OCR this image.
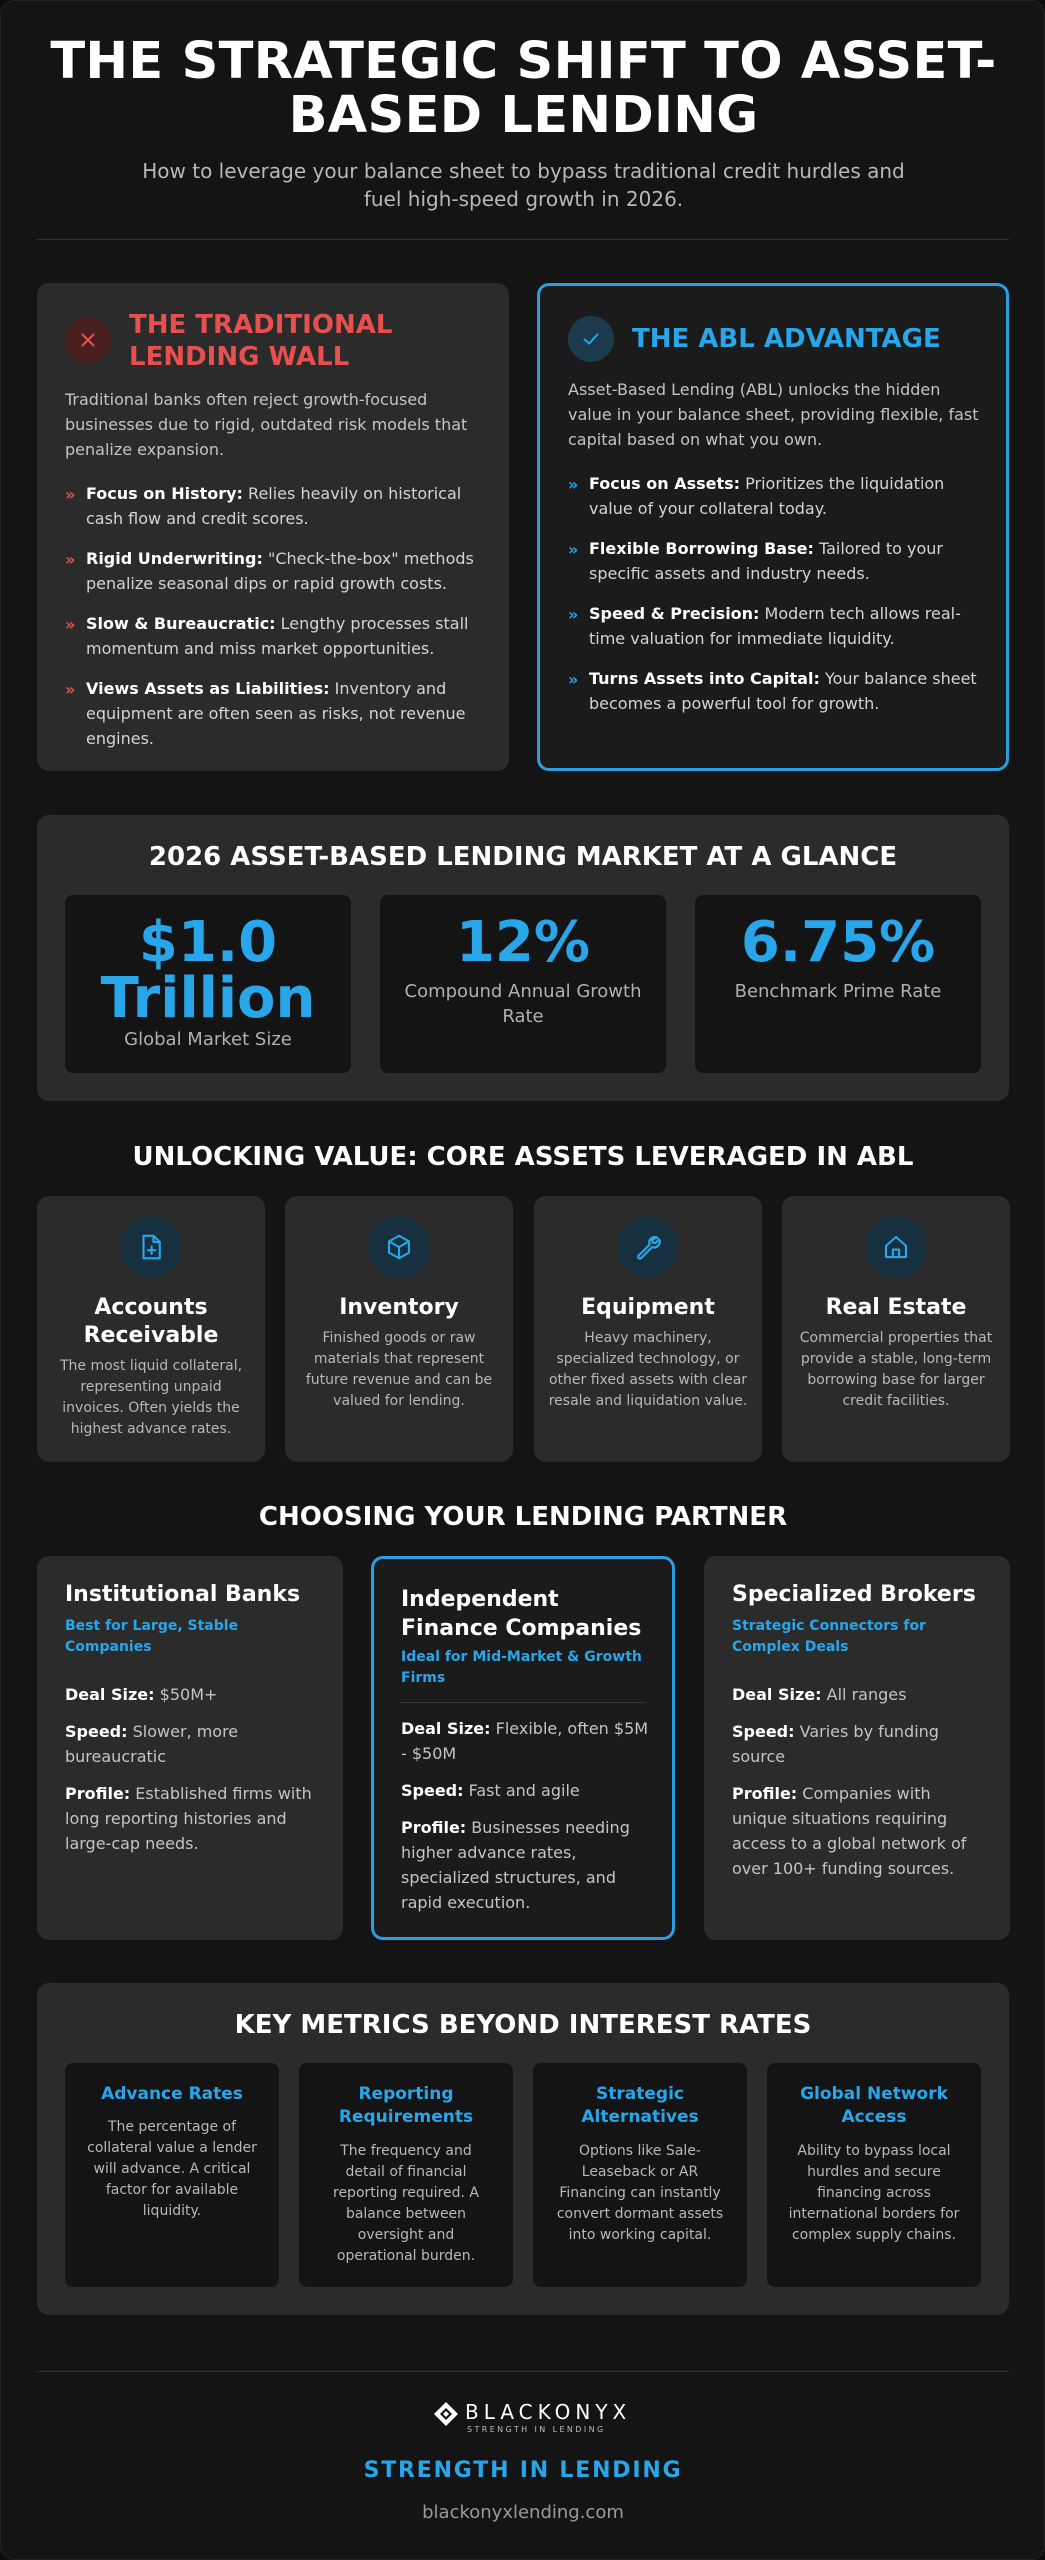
THE STRATEGIC SHIFT TO ASSET-BASED LENDING
How to leverage your balance sheet to bypass traditional credit hurdles and fuel high-speed growth in 2026.
THE TRADITIONAL LENDING WALL
Traditional banks often reject growth-focused businesses due to rigid, outdated risk models that penalize expansion.
» Focus on History: Relies heavily on historical cash flow and credit scores.
» Rigid Underwriting: "Check-the-box" methods penalize seasonal dips or rapid growth costs.
» Slow & Bureaucratic: Lengthy processes stall momentum and miss market opportunities.
» Views Assets as Liabilities: Inventory and equipment are often seen as risks, not revenue engines.
THE ABL ADVANTAGE
Asset-Based Lending (ABL) unlocks the hidden value in your balance sheet, providing flexible, fast capital based on what you own.
» Focus on Assets: Prioritizes the liquidation value of your collateral today.
» Flexible Borrowing Base: Tailored to your specific assets and industry needs.
» Speed & Precision: Modern tech allows real-time valuation for immediate liquidity.
» Turns Assets into Capital: Your balance sheet becomes a powerful tool for growth.
2026 ASSET-BASED LENDING MARKET AT A GLANCE
$1.0 Trillion
Global Market Size
12%
Compound Annual Growth Rate
6.75%
Benchmark Prime Rate
UNLOCKING VALUE: CORE ASSETS LEVERAGED IN ABL
Accounts Receivable
The most liquid collateral, representing unpaid invoices. Often yields the highest advance rates.
Inventory
Finished goods or raw materials that represent future revenue and can be valued for lending.
Equipment
Heavy machinery, specialized technology, or other fixed assets with clear resale and liquidation value.
Real Estate
Commercial properties that provide a stable, long-term borrowing base for larger credit facilities.
CHOOSING YOUR LENDING PARTNER
Institutional Banks
Best for Large, Stable Companies
Deal Size: $50M+
Speed: Slower, more bureaucratic
Profile: Established firms with long reporting histories and large-cap needs.
Independent Finance Companies
Ideal for Mid-Market & Growth Firms
Deal Size: Flexible, often $5M - $50M
Speed: Fast and agile
Profile: Businesses needing higher advance rates, specialized structures, and rapid execution.
Specialized Brokers
Strategic Connectors for Complex Deals
Deal Size: All ranges
Speed: Varies by funding source
Profile: Companies with unique situations requiring access to a global network of over 100+ funding sources.
KEY METRICS BEYOND INTEREST RATES
Advance Rates
The percentage of collateral value a lender will advance. A critical factor for available liquidity.
Reporting Requirements
The frequency and detail of financial reporting required. A balance between oversight and operational burden.
Strategic Alternatives
Options like Sale-Leaseback or AR Financing can instantly convert dormant assets into working capital.
Global Network Access
Ability to bypass local hurdles and secure financing across international borders for complex supply chains.
BLACKONYX
STRENGTH IN LENDING
STRENGTH IN LENDING
blackonyxlending.com
